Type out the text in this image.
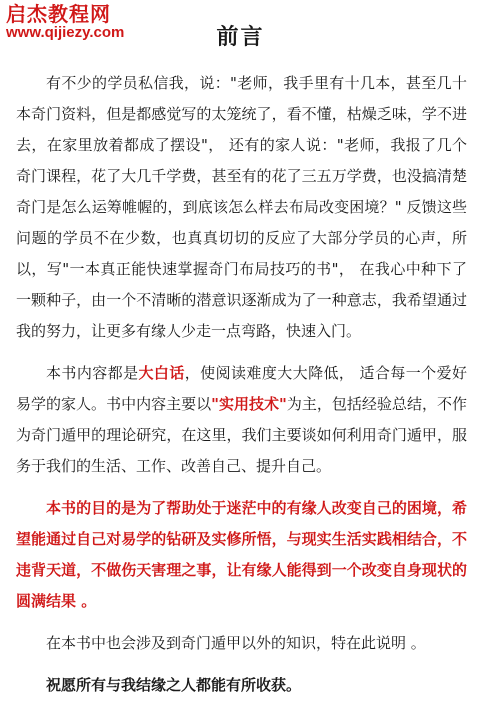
启杰教程网
www.qijiezy.com	前言

有不少的学员私信我，说："老师，我手里有十几本，甚至几十本奇门资料，但是都感觉写的太笼统了，看不懂，枯燥乏味，学不进去，在家里放着都成了摆设"， 还有的家人说："老师，我报了几个奇门课程，花了大几千学费，甚至有的花了三五万学费，也没搞清楚奇门是怎么运筹帷幄的，到底该怎么样去布局改变困境？" 反馈这些问题的学员不在少数，也真真切切的反应了大部分学员的心声，所以，写"一本真正能快速掌握奇门布局技巧的书"， 在我心中种下了一颗种子，由一个不清晰的潜意识逐渐成为了一种意志，我希望通过我的努力，让更多有缘人少走一点弯路，快速入门。

本书内容都是大白话，使阅读难度大大降低， 适合每一个爱好易学的家人。书中内容主要以"实用技术"为主，包括经验总结，不作为奇门遁甲的理论研究，在这里，我们主要谈如何利用奇门遁甲，服务于我们的生活、工作、改善自己、提升自己。

本书的目的是为了帮助处于迷茫中的有缘人改变自己的困境，希望能通过自己对易学的钻研及实修所悟，与现实生活实践相结合，不违背天道，不做伤天害理之事，让有缘人能得到一个改变自身现状的圆满结果 。

在本书中也会涉及到奇门遁甲以外的知识，特在此说明 。

祝愿所有与我结缘之人都能有所收获。
